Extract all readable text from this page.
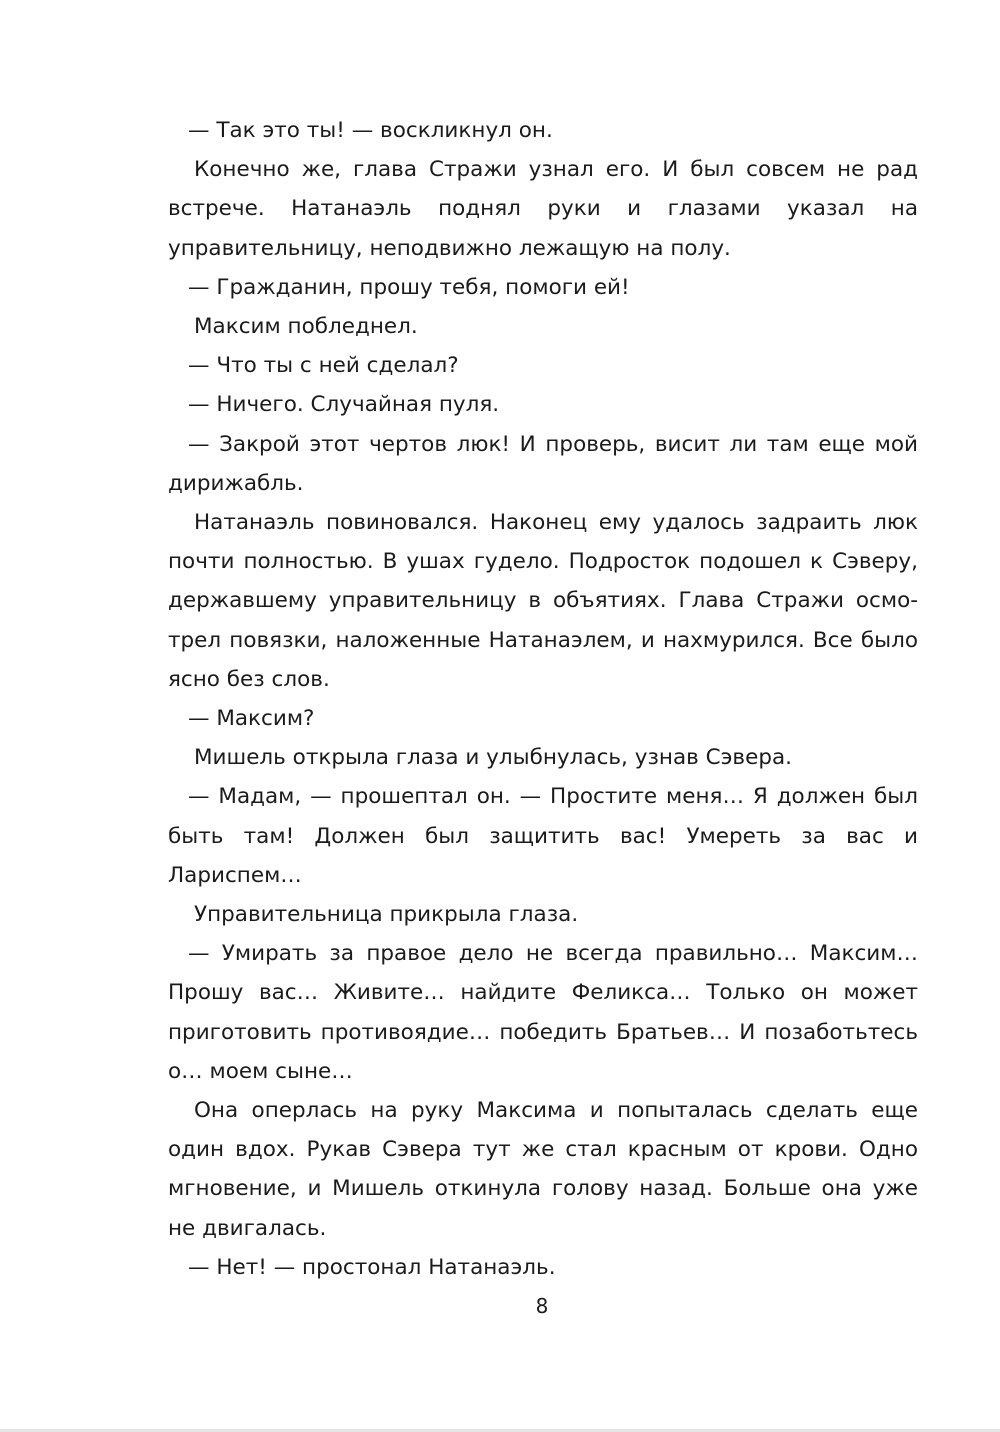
— Так это ты! — воскликнул он.

Конечно же, глава Стражи узнал его. И был совсем не рад встрече. Натанаэль поднял руки и глазами указал на управительницу, неподвижно лежащую на полу.

— Гражданин, прошу тебя, помоги ей!

Максим побледнел.

— Что ты с ней сделал?

— Ничего. Случайная пуля.

— Закрой этот чертов люк! И проверь, висит ли там еще мой дирижабль.

Натанаэль повиновался. Наконец ему удалось задраить люк почти полностью. В ушах гудело. Подросток подошел к Сэверу, державшему управительницу в объятиях. Глава Стражи осмотрел повязки, наложенные Натанаэлем, и нахмурился. Все было ясно без слов.

— Максим?

Мишель открыла глаза и улыбнулась, узнав Сэвера.

— Мадам, — прошептал он. — Простите меня… Я должен был быть там! Должен был защитить вас! Умереть за вас и Лариспем…

Управительница прикрыла глаза.

— Умирать за правое дело не всегда правильно… Максим… Прошу вас… Живите… найдите Феликса… Только он может приготовить противоядие… победить Братьев… И позаботьтесь о… моем сыне…

Она оперлась на руку Максима и попыталась сделать еще один вдох. Рукав Сэвера тут же стал красным от крови. Одно мгновение, и Мишель откинула голову назад. Больше она уже не двигалась.

— Нет! — простонал Натанаэль.

8
